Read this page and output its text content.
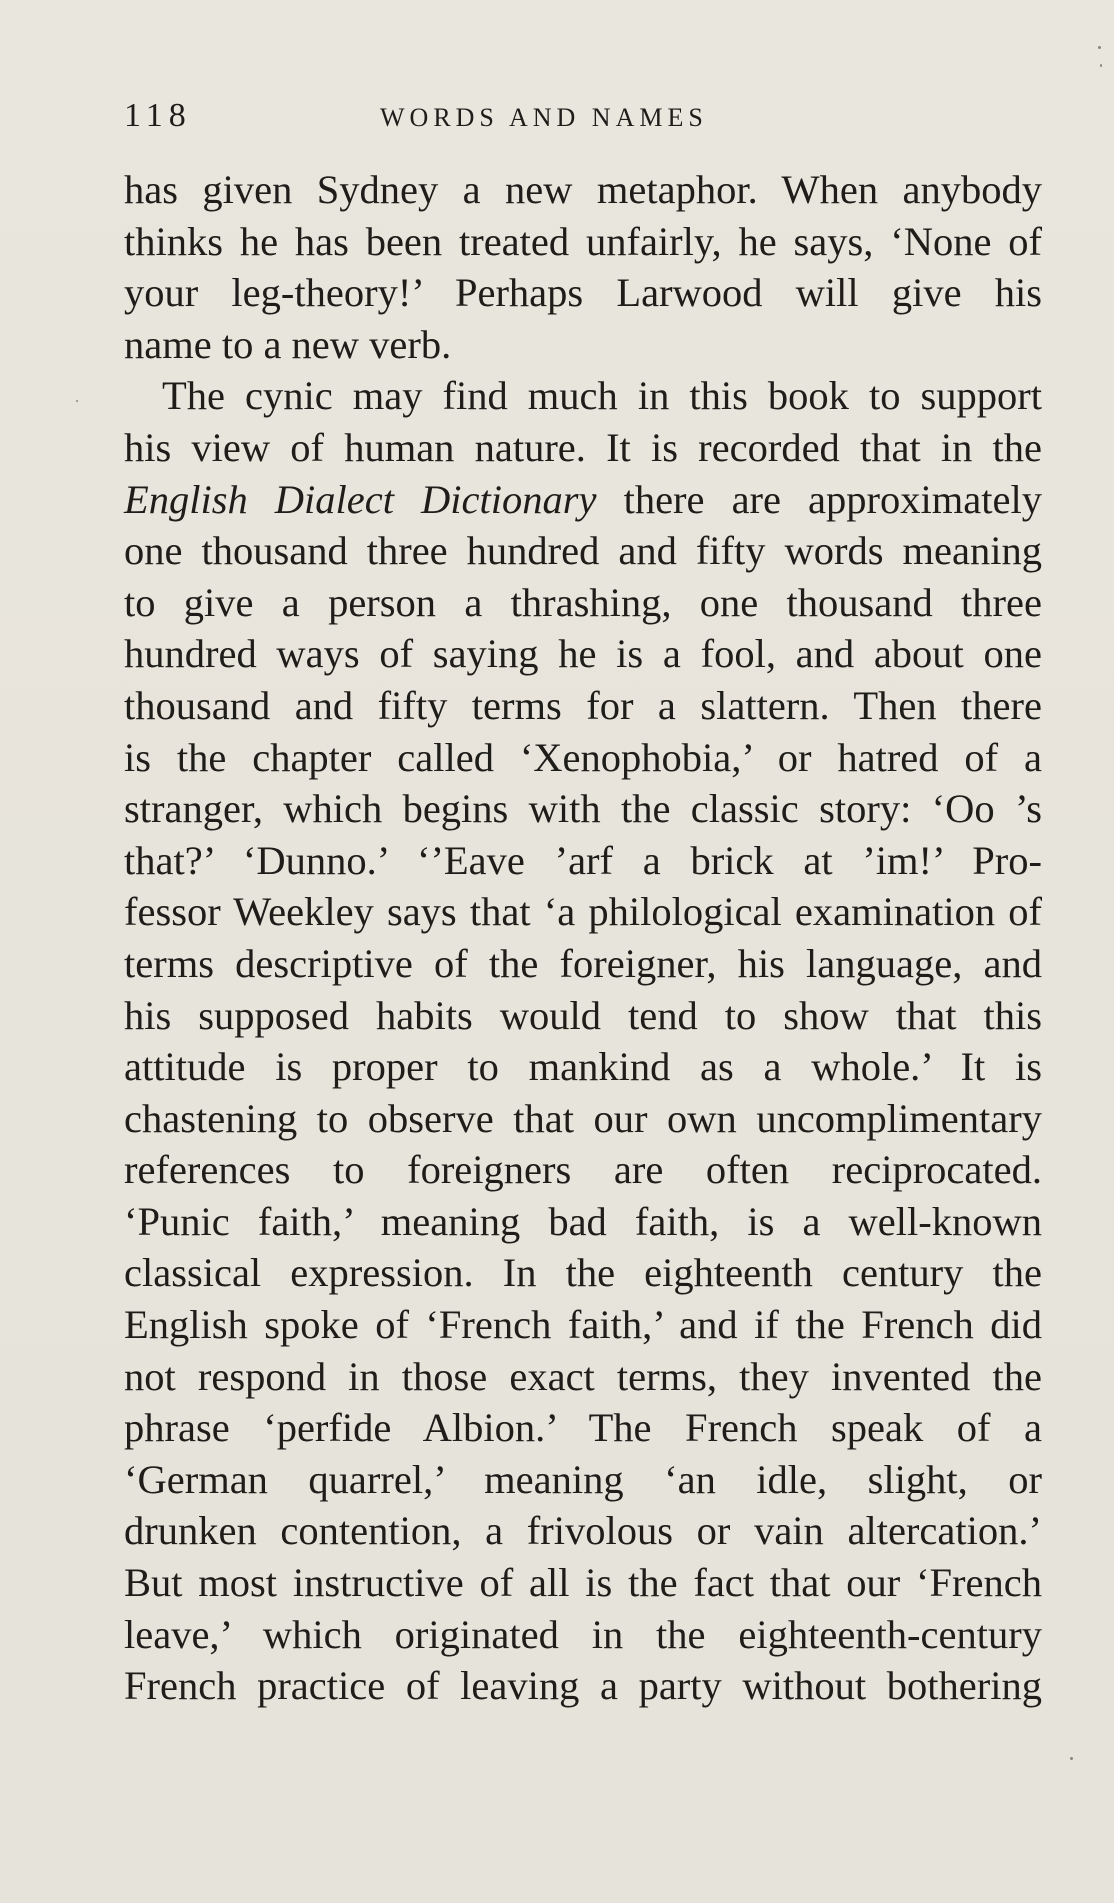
118	WORDS AND NAMES
has given Sydney a new metaphor. When anybody
thinks he has been treated unfairly, he says, ‘None of
your leg-theory!’ Perhaps Larwood will give his
name to a new verb.
The cynic may find much in this book to support
his view of human nature. It is recorded that in the
English Dialect Dictionary there are approximately
one thousand three hundred and fifty words meaning
to give a person a thrashing, one thousand three
hundred ways of saying he is a fool, and about one
thousand and fifty terms for a slattern. Then there
is the chapter called ‘Xenophobia,’ or hatred of a
stranger, which begins with the classic story: ‘Oo ’s
that?’ ‘Dunno.’ ‘’Eave ’arf a brick at ’im!’ Pro-
fessor Weekley says that ‘a philological examination of
terms descriptive of the foreigner, his language, and
his supposed habits would tend to show that this
attitude is proper to mankind as a whole.’ It is
chastening to observe that our own uncomplimentary
references to foreigners are often reciprocated.
‘Punic faith,’ meaning bad faith, is a well-known
classical expression. In the eighteenth century the
English spoke of ‘French faith,’ and if the French did
not respond in those exact terms, they invented the
phrase ‘perfide Albion.’ The French speak of a
‘German quarrel,’ meaning ‘an idle, slight, or
drunken contention, a frivolous or vain altercation.’
But most instructive of all is the fact that our ‘French
leave,’ which originated in the eighteenth-century
French practice of leaving a party without bothering
